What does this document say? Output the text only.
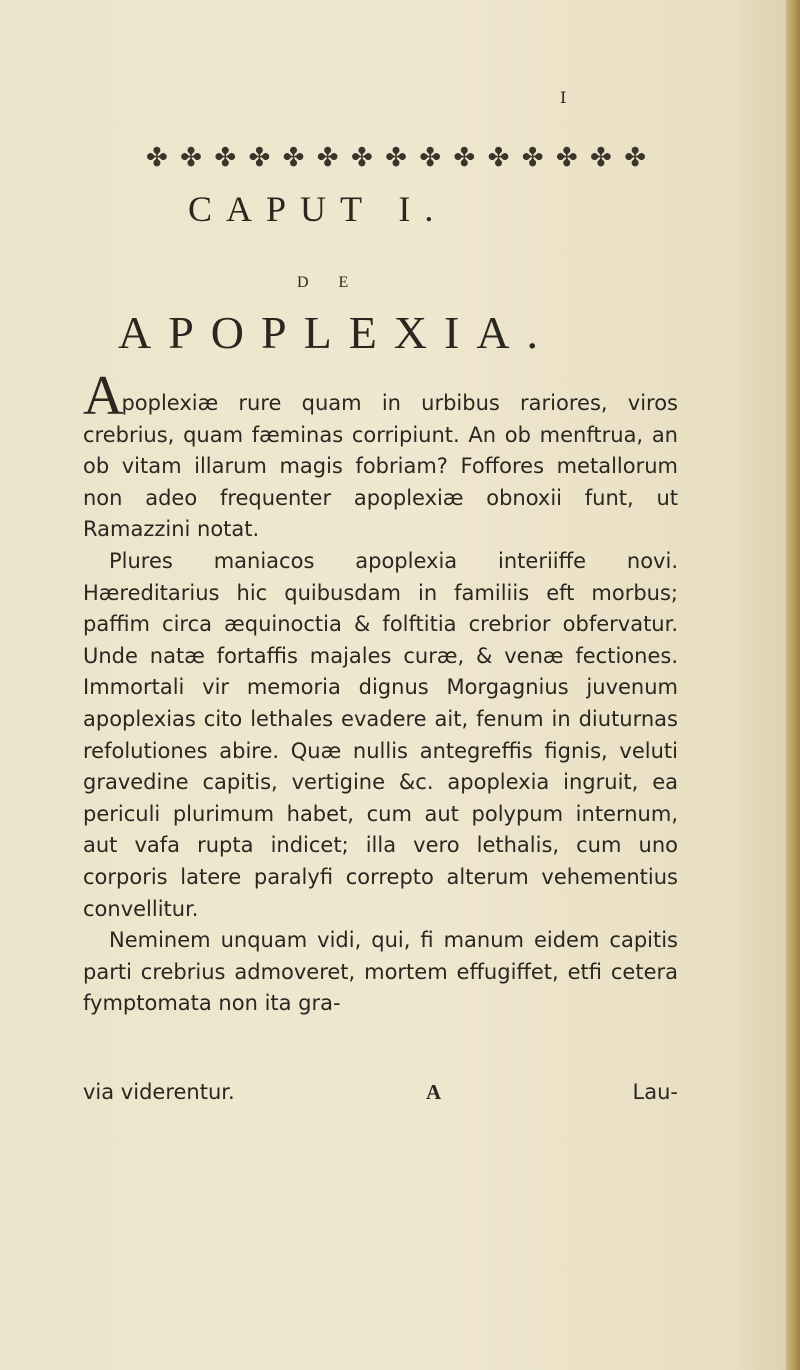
I
✤ ✤ ✤ ✤ ✤ ✤ ✤ ✤ ✤ ✤ ✤ ✤ ✤ ✤ ✤
CAPUT I.
DE
APOPLEXIA.

Apoplexiæ rure quam in urbibus rariores, viros crebrius, quam fæminas corripiunt. An ob menftrua, an ob vitam illarum magis fobriam? Foffores metallorum non adeo frequenter apoplexiæ obnoxii funt, ut Ramazzini notat.

Plures maniacos apoplexia interiiffe novi. Hæreditarius hic quibusdam in familiis eft morbus; paffim circa æquinoctia & folftitia crebrior obfervatur. Unde natæ fortaffis majales curæ, & venæ fectiones. Immortali vir memoria dignus Morgagnius juvenum apoplexias cito lethales evadere ait, fenum in diuturnas refolutiones abire. Quæ nullis antegreffis fignis, veluti gravedine capitis, vertigine &c. apoplexia ingruit, ea periculi plurimum habet, cum aut polypum internum, aut vafa rupta indicet; illa vero lethalis, cum uno corporis latere paralyfi correpto alterum vehementius convellitur.

Neminem unquam vidi, qui, fi manum eidem capitis parti crebrius admoveret, mortem effugiffet, etfi cetera fymptomata non ita gra-

via viderentur.	A	Lau-
